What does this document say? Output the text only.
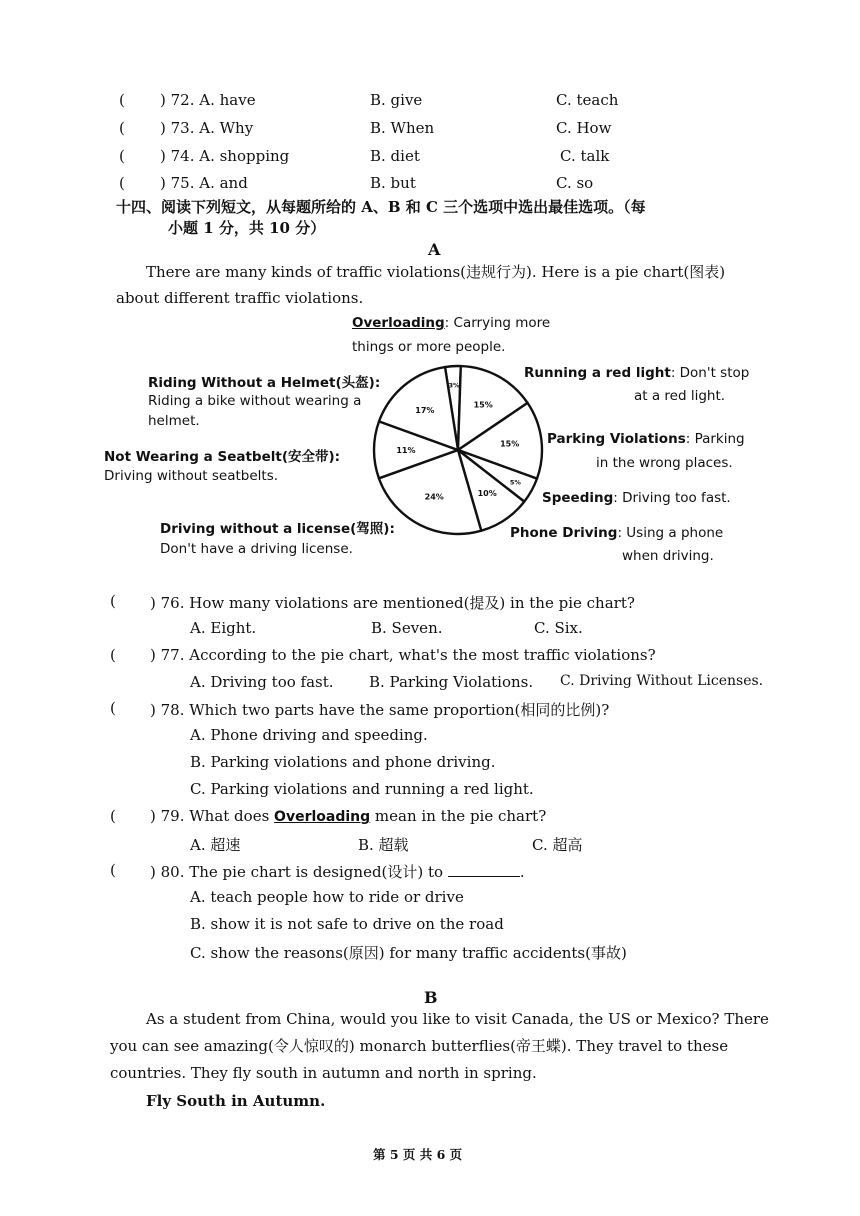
( ) 72. A. have	B. give	C. teach
( ) 73. A. Why	B. When	C. How
( ) 74. A. shopping	B. diet	C. talk
( ) 75. A. and	B. but	C. so
十四、阅读下列短文，从每题所给的 A、B 和 C 三个选项中选出最佳选项。（每
小题 1 分，共 10 分）
A
There are many kinds of traffic violations(违规行为). Here is a pie chart(图表)
about different traffic violations.
3%
15%
15%
5%
10%
24%
11%
17%
Overloading: Carrying more
things or more people.
Running a red light: Don't stop
at a red light.
Parking Violations: Parking
in the wrong places.
Speeding: Driving too fast.
Phone Driving: Using a phone
when driving.
Driving without a license(驾照):
Don't have a driving license.
Not Wearing a Seatbelt(安全带):
Driving without seatbelts.
Riding Without a Helmet(头盔):
Riding a bike without wearing a
helmet.
( ) 76. How many violations are mentioned(提及) in the pie chart?
A. Eight.	B. Seven.	C. Six.
( ) 77. According to the pie chart, what's the most traffic violations?
A. Driving too fast. B. Parking Violations. C. Driving Without Licenses.
( ) 78. Which two parts have the same proportion(相同的比例)?
A. Phone driving and speeding.
B. Parking violations and phone driving.
C. Parking violations and running a red light.
( ) 79. What does Overloading mean in the pie chart?
A. 超速	B. 超载	C. 超高
( ) 80. The pie chart is designed(设计) to	.
A. teach people how to ride or drive
B. show it is not safe to drive on the road
C. show the reasons(原因) for many traffic accidents(事故)
B
As a student from China, would you like to visit Canada, the US or Mexico? There
you can see amazing(令人惊叹的) monarch butterflies(帝王蝶). They travel to these
countries. They fly south in autumn and north in spring.
Fly South in Autumn.
第 5 页 共 6 页
